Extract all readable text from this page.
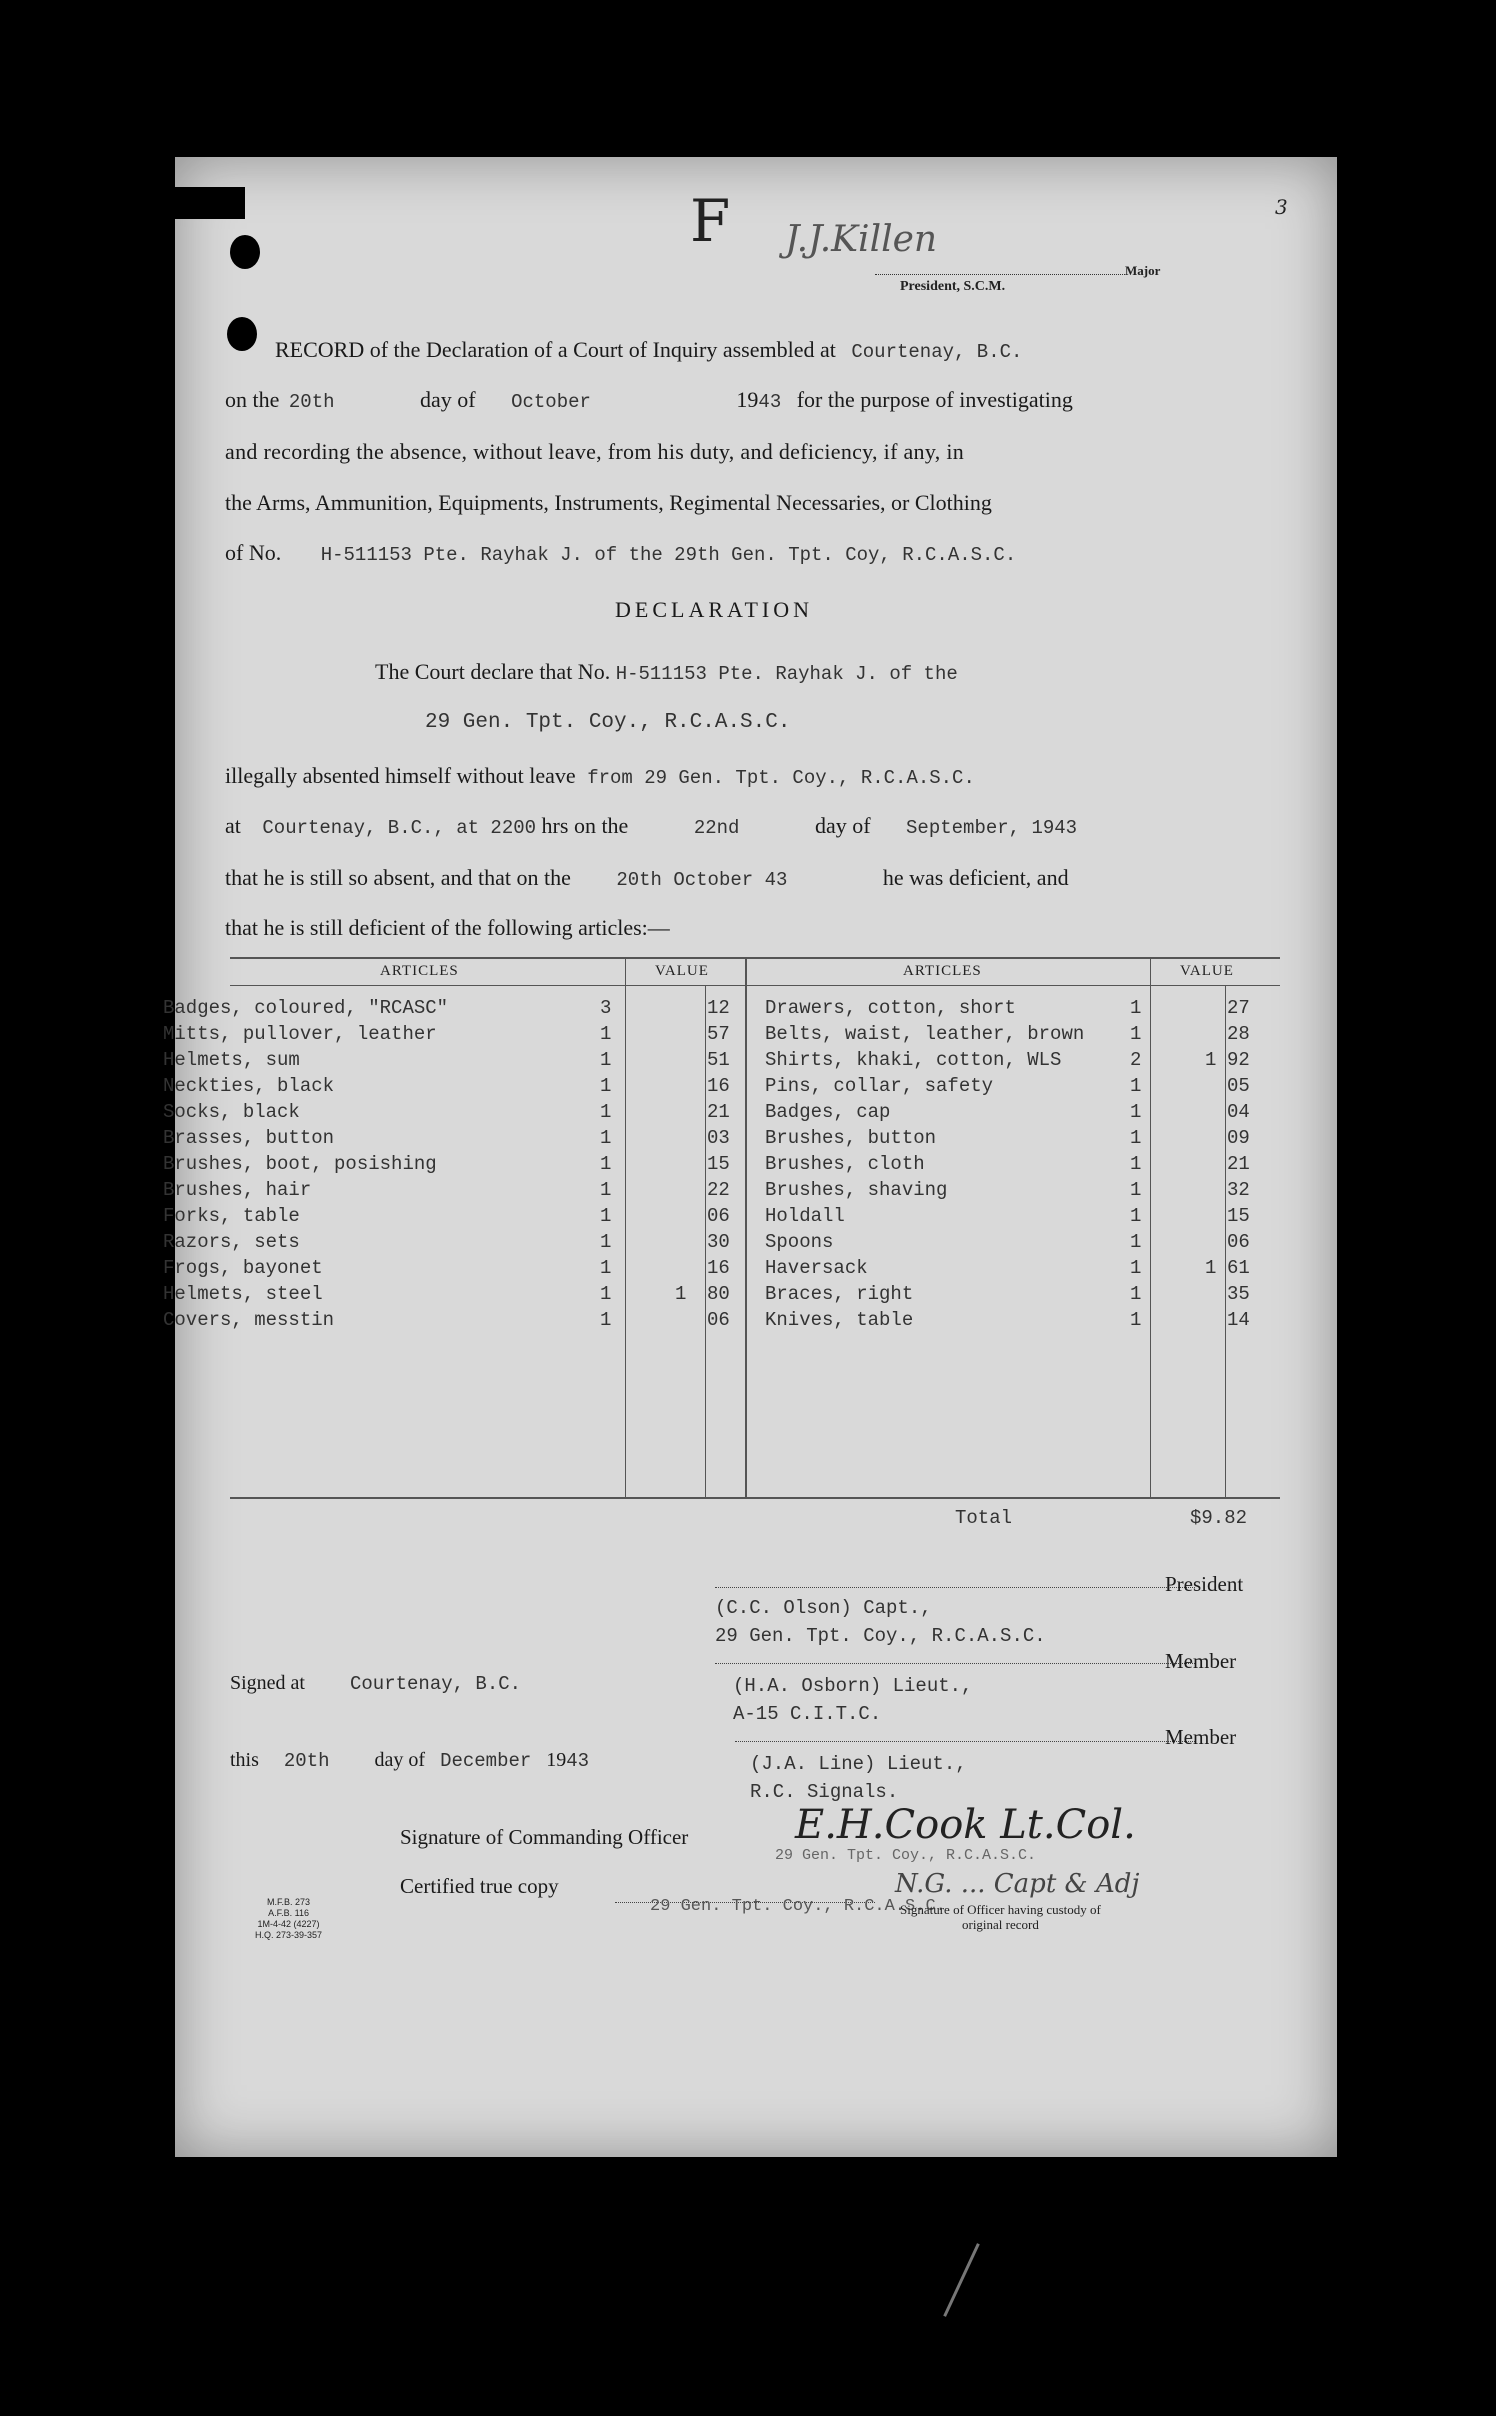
F	3
J.J.Killen
Major
President, S.C.M.
RECORD of the Declaration of a Court of Inquiry assembled at Courtenay, B.C.
on the 20th	day of October	1943 for the purpose of investigating
and recording the absence, without leave, from his duty, and deficiency, if any, in
the Arms, Ammunition, Equipments, Instruments, Regimental Necessaries, or Clothing
of No. H-511153 Pte. Rayhak J. of the 29th Gen. Tpt. Coy, R.C.A.S.C.
DECLARATION
The Court declare that No. H-511153 Pte. Rayhak J. of the
29 Gen. Tpt. Coy., R.C.A.S.C.
illegally absented himself without leave from 29 Gen. Tpt. Coy., R.C.A.S.C.
at Courtenay, B.C., at 2200 hrs on the	22nd	day of September, 1943
that he is still so absent, and that on the 20th October 43	he was deficient, and
that he is still deficient of the following articles:—
ARTICLES	VALUE	ARTICLES	VALUE
Badges, coloured, "RCASC"	3	12
Mitts, pullover, leather	1	57
Helmets, sum	1	51
Neckties, black	1	16
Socks, black	1	21
Brasses, button	1	03
Brushes, boot, posishing	1	15
Brushes, hair	1	22
Forks, table	1	06
Razors, sets	1	30
Frogs, bayonet	1	16
Helmets, steel	1	1 80
Covers, messtin	1	06
Drawers, cotton, short	1	27
Belts, waist, leather, brown 1	28
Shirts, khaki, cotton, WLS	2	1 92
Pins, collar, safety	1	05
Badges, cap	1	04
Brushes, button	1	09
Brushes, cloth	1	21
Brushes, shaving	1	32
Holdall	1	15
Spoons	1	06
Haversack	1	1 61
Braces, right	1	35
Knives, table	1	14
Total	$9.82
President
(C.C. Olson) Capt.,
29 Gen. Tpt. Coy., R.C.A.S.C.
Member
(H.A. Osborn) Lieut.,
A-15 C.I.T.C.
Member
(J.A. Line) Lieut.,
R.C. Signals.
Signed at Courtenay, B.C.
this 20th day of December 1943
Signature of Commanding Officer	E.H.Cook Lt.Col.
29 Gen. Tpt. Coy., R.C.A.S.C.
Certified true copy
29 Gen. Tpt. Coy., R.C.A.S.C.
N.G. ... Capt & Adj
Signature of Officer having custody of
original record
M.F.B. 273
A.F.B. 116
1M-4-42 (4227)
H.Q. 273-39-357
